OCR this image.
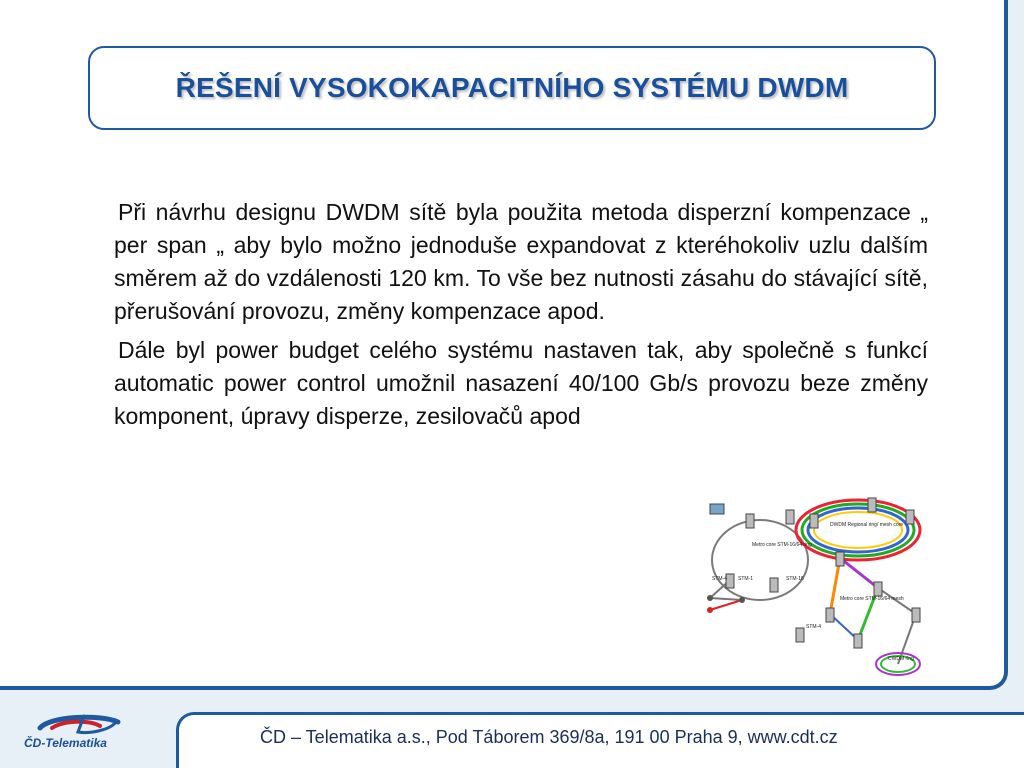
ŘEŠENÍ VYSOKOKAPACITNÍHO SYSTÉMU DWDM

Při návrhu designu DWDM sítě byla použita metoda disperzní kompenzace „ per span „ aby bylo možno jednoduše expandovat z kteréhokoliv uzlu dalším směrem až do vzdálenosti 120 km. To vše bez nutnosti zásahu do stávající sítě, přerušování provozu, změny kompenzace apod.

Dále byl power budget celého systému nastaven tak, aby společně s funkcí automatic power control umožnil nasazení 40/100 Gb/s provozu beze změny komponent, úpravy disperze, zesilovačů apod

Metro core STM-16/64 ring
DWDM Regional ring/ mesh core
Metro core STM-16/64 mesh
CWDM ring
STM-4 STM-1	STM-16
STM-4
ČD-Telematika	ČD – Telematika a.s., Pod Táborem 369/8a, 191 00 Praha 9, www.cdt.cz
